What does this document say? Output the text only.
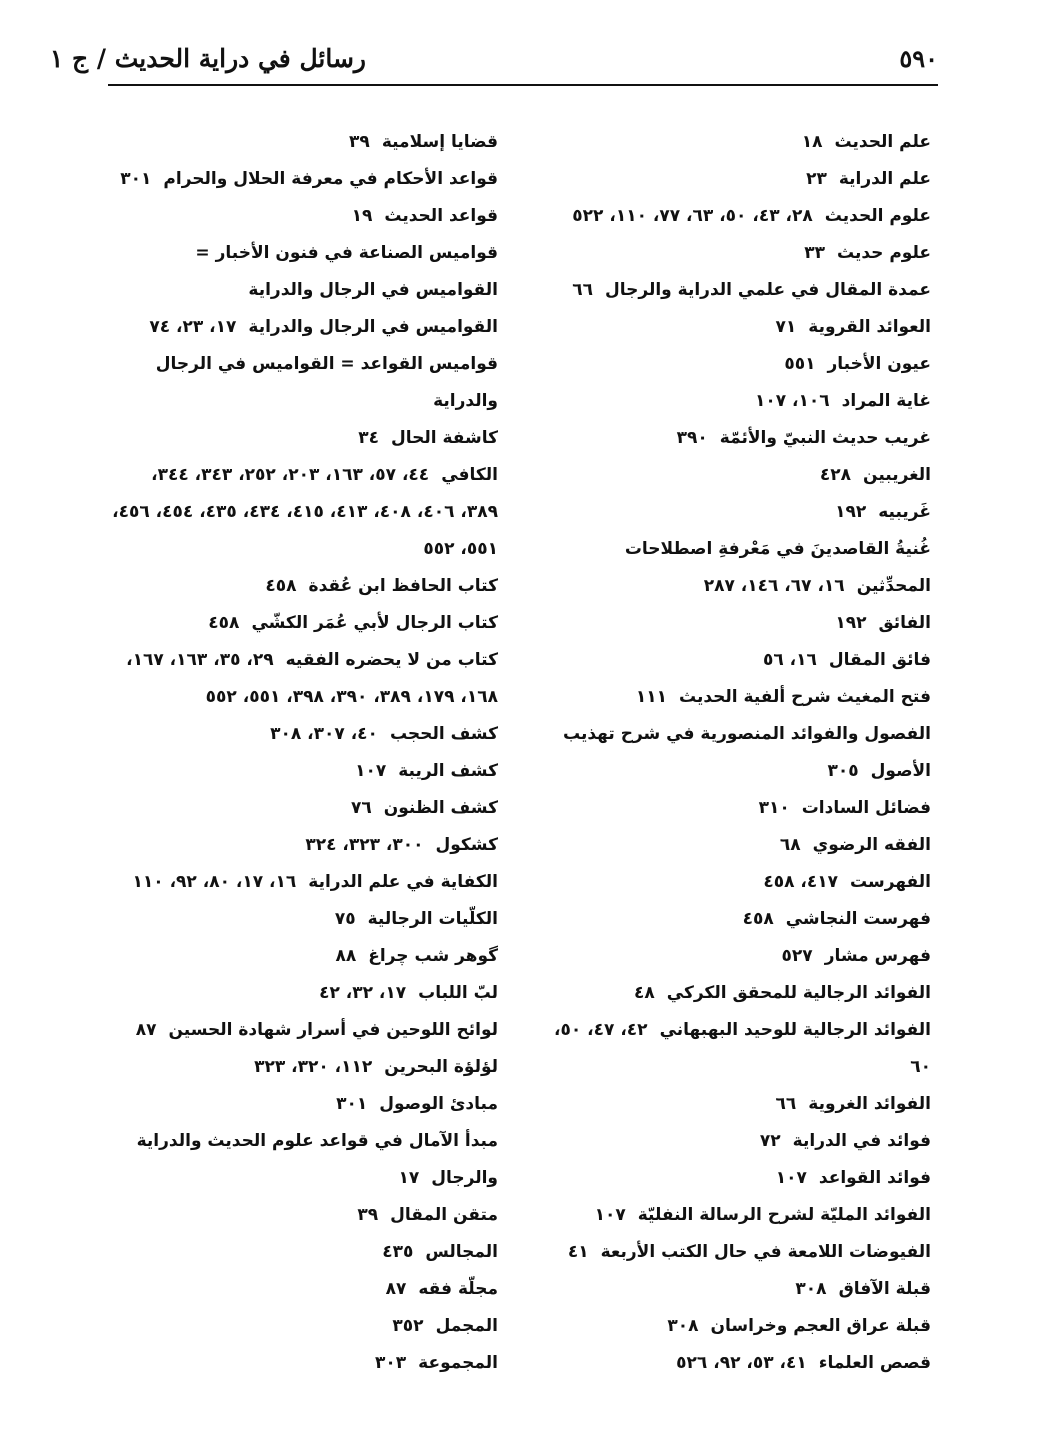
٥٩٠
رسائل في دراية الحديث / ج ١
علم الحديث١٨
علم الدراية٢٣
علوم الحديث٢٨، ٤٣، ٥٠، ٦٣، ٧٧، ١١٠، ٥٢٢
علوم حديث٣٣
عمدة المقال في علمي الدراية والرجال٦٦
العوائد القروية٧١
عيون الأخبار٥٥١
غاية المراد١٠٦، ١٠٧
غريب حديث النبيّ والأئمّة٣٩٠
الغريبين٤٢٨
غَريبيه١٩٢
غُنيةُ القاصدينَ في مَعْرفةِ اصطلاحات المحدِّثين١٦، ٦٧، ١٤٦، ٢٨٧
الفائق١٩٢
فائق المقال١٦، ٥٦
فتح المغيث شرح ألفية الحديث١١١
الفصول والفوائد المنصورية في شرح تهذيب الأصول٣٠٥
فضائل السادات٣١٠
الفقه الرضوي٦٨
الفهرست٤١٧، ٤٥٨
فهرست النجاشي٤٥٨
فهرس مشار٥٢٧
الفوائد الرجالية للمحقق الكركي٤٨
الفوائد الرجالية للوحيد البهبهاني٤٢، ٤٧، ٥٠، ٦٠
الفوائد الغروية٦٦
فوائد في الدراية٧٢
فوائد القواعد١٠٧
الفوائد المليّة لشرح الرسالة النفليّة١٠٧
الفيوضات اللامعة في حال الكتب الأربعة٤١
قبلة الآفاق٣٠٨
قبلة عراق العجم وخراسان٣٠٨
قصص العلماء٤١، ٥٣، ٩٢، ٥٢٦
قضايا إسلامية٣٩
قواعد الأحكام في معرفة الحلال والحرام٣٠١
قواعد الحديث١٩
قواميس الصناعة في فنون الأخبار = القواميس في الرجال والدراية
القواميس في الرجال والدراية١٧، ٢٣، ٧٤
قواميس القواعد = القواميس في الرجال والدراية
كاشفة الحال٣٤
الكافي٤٤، ٥٧، ١٦٣، ٢٠٣، ٢٥٢، ٣٤٣، ٣٤٤، ٣٨٩، ٤٠٦، ٤٠٨، ٤١٣، ٤١٥، ٤٣٤، ٤٣٥، ٤٥٤، ٤٥٦، ٥٥١، ٥٥٢
كتاب الحافظ ابن عُقدة٤٥٨
كتاب الرجال لأبي عُمَر الكشّي٤٥٨
كتاب من لا يحضره الفقيه٢٩، ٣٥، ١٦٣، ١٦٧، ١٦٨، ١٧٩، ٣٨٩، ٣٩٠، ٣٩٨، ٥٥١، ٥٥٢
كشف الحجب٤٠، ٣٠٧، ٣٠٨
كشف الريبة١٠٧
كشف الظنون٧٦
كشكول٣٠٠، ٣٢٣، ٣٢٤
الكفاية في علم الدراية١٦، ١٧، ٨٠، ٩٢، ١١٠
الكلّيات الرجالية٧٥
گوهر شب چراغ٨٨
لبّ اللباب١٧، ٣٢، ٤٢
لوائح اللوحين في أسرار شهادة الحسين٨٧
لؤلؤة البحرين١١٢، ٣٢٠، ٣٢٣
مبادئ الوصول٣٠١
مبدأ الآمال في قواعد علوم الحديث والدراية والرجال١٧
متقن المقال٣٩
المجالس٤٣٥
مجلّة فقه٨٧
المجمل٣٥٢
المجموعة٣٠٣
